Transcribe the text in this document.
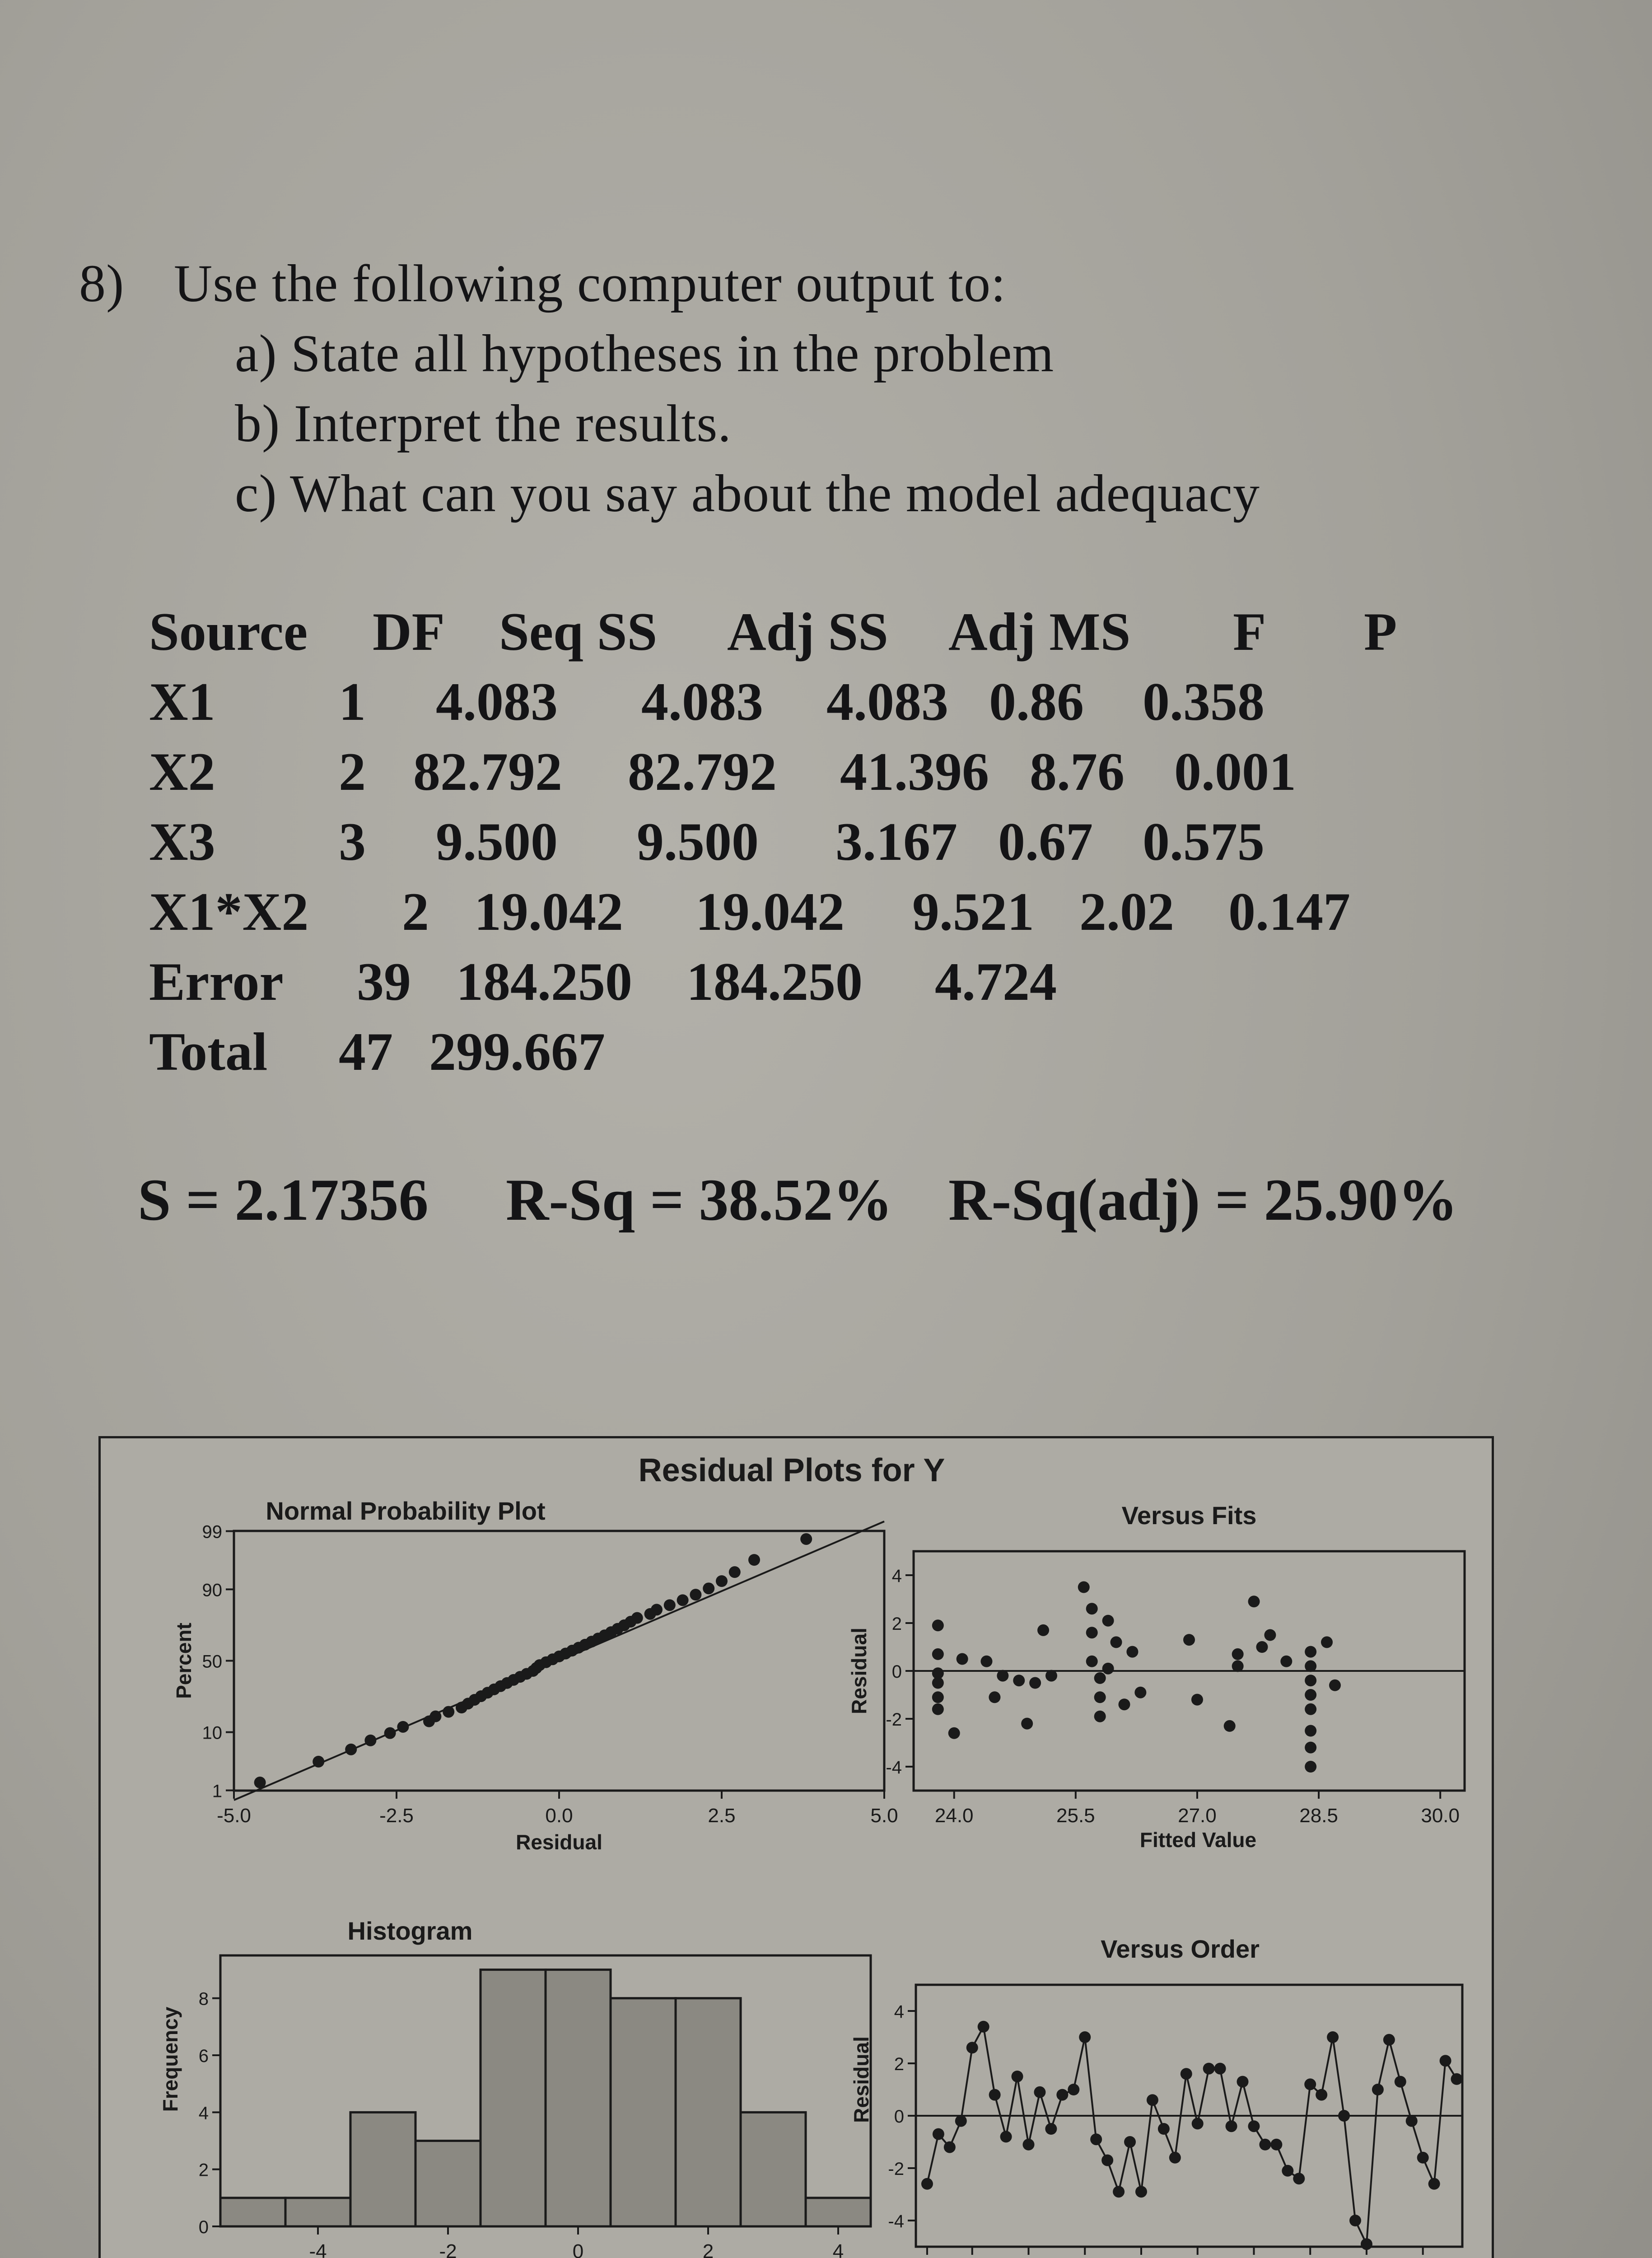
8) Use the following computer output to:
a) State all hypotheses in the problem
b) Interpret the results.
c) What can you say about the model adequacy
Source DF Seq SS Adj SS Adj MS F P
X1 1 4.083 4.083 4.083 0.86 0.358
X2 2 82.792 82.792 41.396 8.76 0.001
X3 3 9.500 9.500 3.167 0.67 0.575
X1*X2 2 19.042 19.042 9.521 2.02 0.147
Error 39 184.250 184.250 4.724
Total 47 299.667
S = 2.17356 R-Sq = 38.52% R-Sq(adj) = 25.90%
Residual Plots for Y
Normal Probability Plot
-5.0	-2.5	0.0	2.5	5.0
1
10
50
90
99
Residual
Percent
Versus Fits
24.0	25.5	27.0	28.5	30.0
-4
-2
0
2
4
Fitted Value
Residual
Histogram
-4	-2	0	2	4
0
2
4
6
8
Frequency
Versus Order
-4
-2
0
2
4
Residual
